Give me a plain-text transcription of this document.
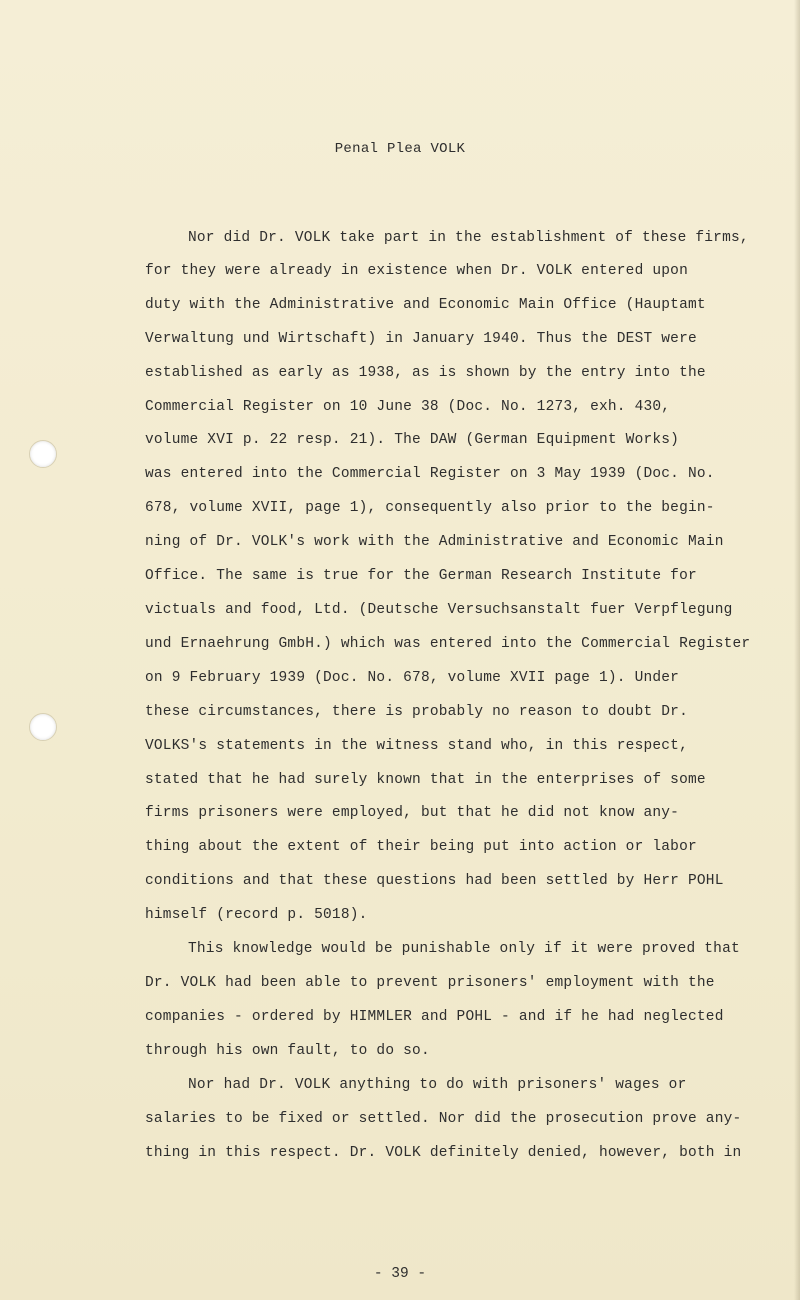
Penal Plea VOLK
Nor did Dr. VOLK take part in the establishment of these firms,
for they were already in existence when Dr. VOLK entered upon
duty with the Administrative and Economic Main Office (Hauptamt
Verwaltung und Wirtschaft) in January 1940. Thus the DEST were
established as early as 1938, as is shown by the entry into the
Commercial Register on 10 June 38 (Doc. No. 1273, exh. 430,
volume XVI p. 22 resp. 21). The DAW (German Equipment Works)
was entered into the Commercial Register on 3 May 1939 (Doc. No.
678, volume XVII, page 1), consequently also prior to the begin-
ning of Dr. VOLK's work with the Administrative and Economic Main
Office. The same is true for the German Research Institute for
victuals and food, Ltd. (Deutsche Versuchsanstalt fuer Verpflegung
und Ernaehrung GmbH.) which was entered into the Commercial Register
on 9 February 1939 (Doc. No. 678, volume XVII page 1). Under
these circumstances, there is probably no reason to doubt Dr.
VOLKS's statements in the witness stand who, in this respect,
stated that he had surely known that in the enterprises of some
firms prisoners were employed, but that he did not know any-
thing about the extent of their being put into action or labor
conditions and that these questions had been settled by Herr POHL
himself (record p. 5018).
This knowledge would be punishable only if it were proved that
Dr. VOLK had been able to prevent prisoners' employment with the
companies - ordered by HIMMLER and POHL - and if he had neglected
through his own fault, to do so.
Nor had Dr. VOLK anything to do with prisoners' wages or
salaries to be fixed or settled. Nor did the prosecution prove any-
thing in this respect. Dr. VOLK definitely denied, however, both in
- 39 -
